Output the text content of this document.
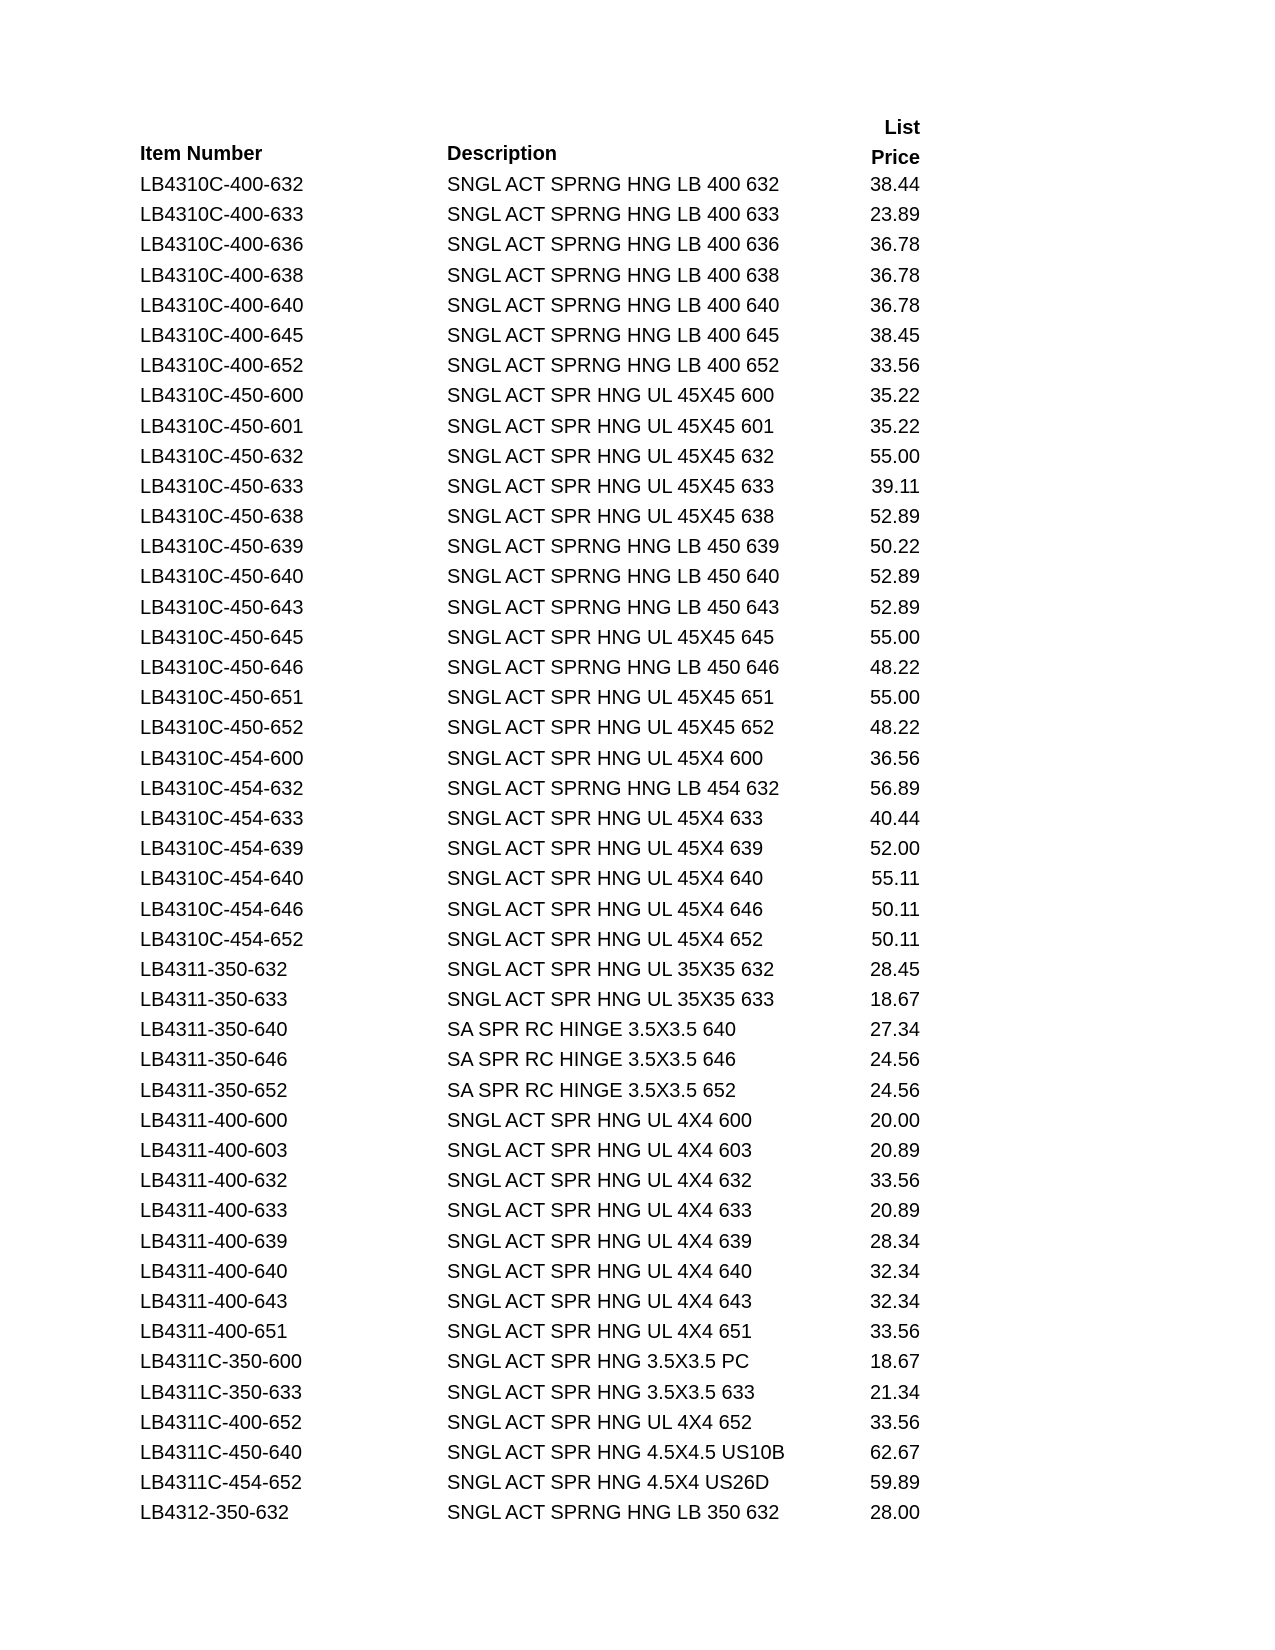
Item Number	Description
List
Price
LB4310C-400-632	SNGL ACT SPRNG HNG LB 400 632	38.44
LB4310C-400-633	SNGL ACT SPRNG HNG LB 400 633	23.89
LB4310C-400-636	SNGL ACT SPRNG HNG LB 400 636	36.78
LB4310C-400-638	SNGL ACT SPRNG HNG LB 400 638	36.78
LB4310C-400-640	SNGL ACT SPRNG HNG LB 400 640	36.78
LB4310C-400-645	SNGL ACT SPRNG HNG LB 400 645	38.45
LB4310C-400-652	SNGL ACT SPRNG HNG LB 400 652	33.56
LB4310C-450-600	SNGL ACT SPR HNG UL 45X45 600	35.22
LB4310C-450-601	SNGL ACT SPR HNG UL 45X45 601	35.22
LB4310C-450-632	SNGL ACT SPR HNG UL 45X45 632	55.00
LB4310C-450-633	SNGL ACT SPR HNG UL 45X45 633	39.11
LB4310C-450-638	SNGL ACT SPR HNG UL 45X45 638	52.89
LB4310C-450-639	SNGL ACT SPRNG HNG LB 450 639	50.22
LB4310C-450-640	SNGL ACT SPRNG HNG LB 450 640	52.89
LB4310C-450-643	SNGL ACT SPRNG HNG LB 450 643	52.89
LB4310C-450-645	SNGL ACT SPR HNG UL 45X45 645	55.00
LB4310C-450-646	SNGL ACT SPRNG HNG LB 450 646	48.22
LB4310C-450-651	SNGL ACT SPR HNG UL 45X45 651	55.00
LB4310C-450-652	SNGL ACT SPR HNG UL 45X45 652	48.22
LB4310C-454-600	SNGL ACT SPR HNG UL 45X4 600	36.56
LB4310C-454-632	SNGL ACT SPRNG HNG LB 454 632	56.89
LB4310C-454-633	SNGL ACT SPR HNG UL 45X4 633	40.44
LB4310C-454-639	SNGL ACT SPR HNG UL 45X4 639	52.00
LB4310C-454-640	SNGL ACT SPR HNG UL 45X4 640	55.11
LB4310C-454-646	SNGL ACT SPR HNG UL 45X4 646	50.11
LB4310C-454-652	SNGL ACT SPR HNG UL 45X4 652	50.11
LB4311-350-632	SNGL ACT SPR HNG UL 35X35 632	28.45
LB4311-350-633	SNGL ACT SPR HNG UL 35X35 633	18.67
LB4311-350-640	SA SPR RC HINGE 3.5X3.5 640	27.34
LB4311-350-646	SA SPR RC HINGE 3.5X3.5 646	24.56
LB4311-350-652	SA SPR RC HINGE 3.5X3.5 652	24.56
LB4311-400-600	SNGL ACT SPR HNG UL 4X4 600	20.00
LB4311-400-603	SNGL ACT SPR HNG UL 4X4 603	20.89
LB4311-400-632	SNGL ACT SPR HNG UL 4X4 632	33.56
LB4311-400-633	SNGL ACT SPR HNG UL 4X4 633	20.89
LB4311-400-639	SNGL ACT SPR HNG UL 4X4 639	28.34
LB4311-400-640	SNGL ACT SPR HNG UL 4X4 640	32.34
LB4311-400-643	SNGL ACT SPR HNG UL 4X4 643	32.34
LB4311-400-651	SNGL ACT SPR HNG UL 4X4 651	33.56
LB4311C-350-600	SNGL ACT SPR HNG 3.5X3.5 PC	18.67
LB4311C-350-633	SNGL ACT SPR HNG 3.5X3.5 633	21.34
LB4311C-400-652	SNGL ACT SPR HNG UL 4X4 652	33.56
LB4311C-450-640	SNGL ACT SPR HNG 4.5X4.5 US10B	62.67
LB4311C-454-652	SNGL ACT SPR HNG 4.5X4 US26D	59.89
LB4312-350-632	SNGL ACT SPRNG HNG LB 350 632	28.00
